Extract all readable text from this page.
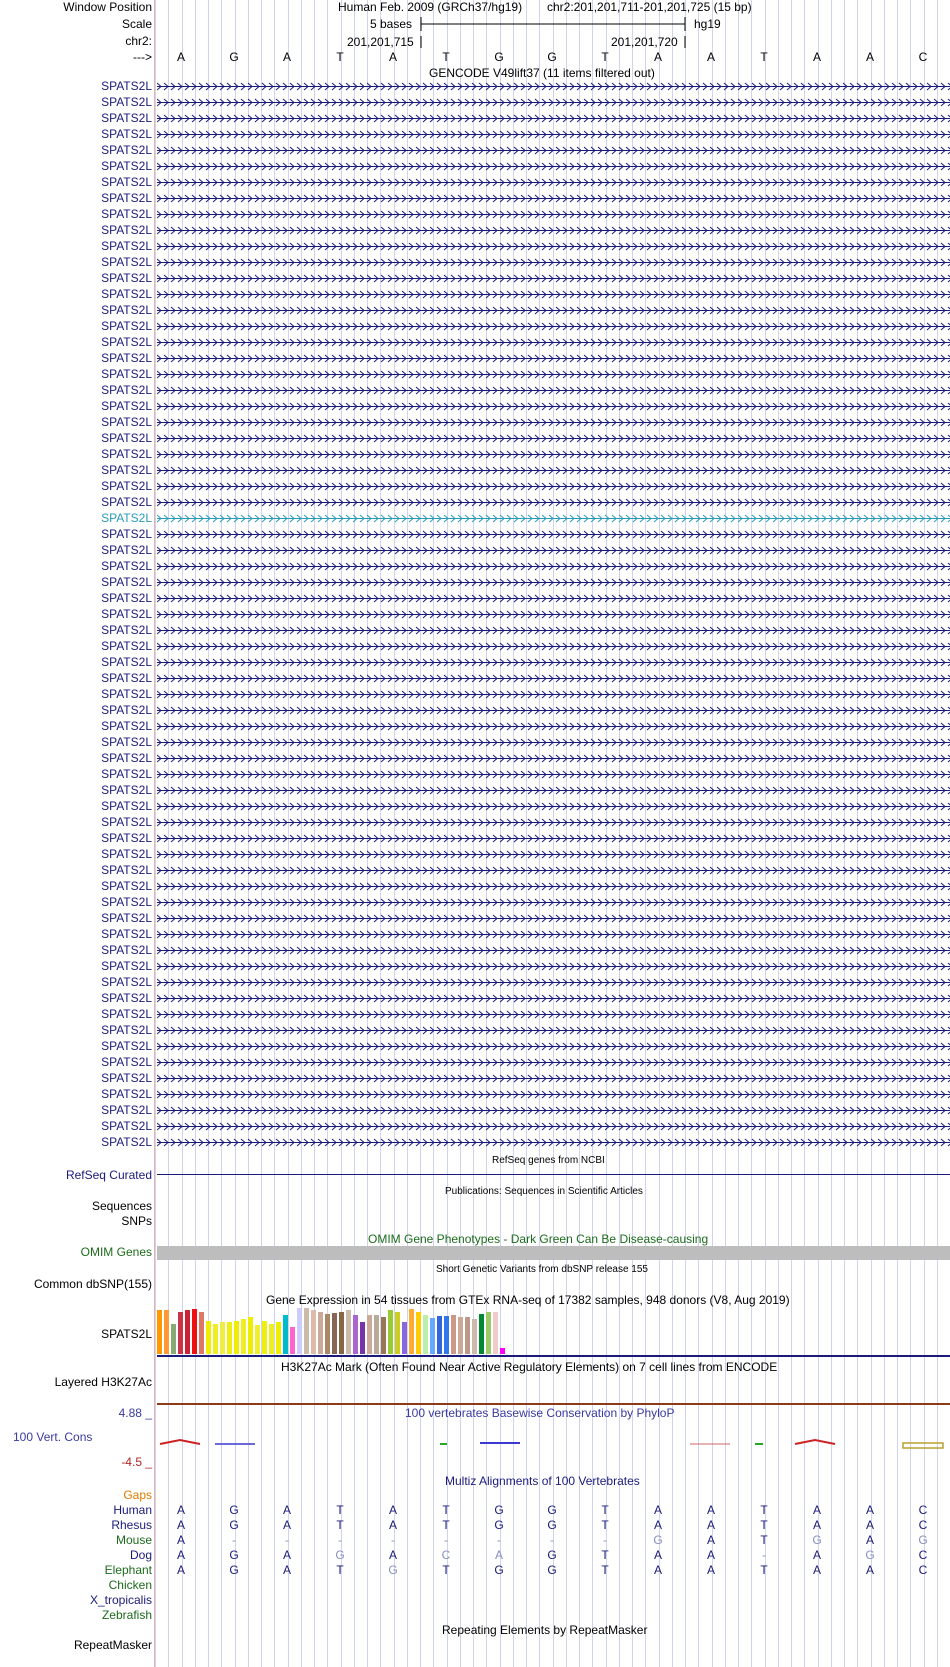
Window Position
Scale
chr2:
--->
Human Feb. 2009 (GRCh37/hg19) chr2:201,201,711-201,201,725 (15 bp)
5 bases	hg19
201,201,715	201,201,720
GENCODE V49lift37 (11 items filtered out)
RefSeq genes from NCBI
RefSeq Curated
Publications: Sequences in Scientific Articles
Sequences
SNPs
OMIM Gene Phenotypes - Dark Green Can Be Disease-causing
OMIM Genes
Short Genetic Variants from dbSNP release 155
Common dbSNP(155)
Gene Expression in 54 tissues from GTEx RNA-seq of 17382 samples, 948 donors (V8, Aug 2019)
SPATS2L
H3K27Ac Mark (Often Found Near Active Regulatory Elements) on 7 cell lines from ENCODE
Layered H3K27Ac
4.88 _	100 vertebrates Basewise Conservation by PhyloP
100 Vert. Cons
-4.5 _
Multiz Alignments of 100 Vertebrates
Gaps
Repeating Elements by RepeatMasker
RepeatMasker
A	G	A	T	A	T	G	G	T	A	A	T	A	A	C
SPATS2L
SPATS2L
SPATS2L
SPATS2L
SPATS2L
SPATS2L
SPATS2L
SPATS2L
SPATS2L
SPATS2L
SPATS2L
SPATS2L
SPATS2L
SPATS2L
SPATS2L
SPATS2L
SPATS2L
SPATS2L
SPATS2L
SPATS2L
SPATS2L
SPATS2L
SPATS2L
SPATS2L
SPATS2L
SPATS2L
SPATS2L
SPATS2L
SPATS2L
SPATS2L
SPATS2L
SPATS2L
SPATS2L
SPATS2L
SPATS2L
SPATS2L
SPATS2L
SPATS2L
SPATS2L
SPATS2L
SPATS2L
SPATS2L
SPATS2L
SPATS2L
SPATS2L
SPATS2L
SPATS2L
SPATS2L
SPATS2L
SPATS2L
SPATS2L
SPATS2L
SPATS2L
SPATS2L
SPATS2L
SPATS2L
SPATS2L
SPATS2L
SPATS2L
SPATS2L
SPATS2L
SPATS2L
SPATS2L
SPATS2L
SPATS2L
SPATS2L
SPATS2L
Human	A	G	A	T	A	T	G	G	T	A	A	T	A	A	C
Rhesus	A	G	A	T	A	T	G	G	T	A	A	T	A	A	C
Mouse	A	-	-	-	-	-	-	-	-	G	A	T	G	A	G
Dog	A	G	A	G	A	C	A	G	T	A	A	-	A	G	C
Elephant	A	G	A	T	G	T	G	G	T	A	A	T	A	A	C
Chicken
X_tropicalis
Zebrafish
